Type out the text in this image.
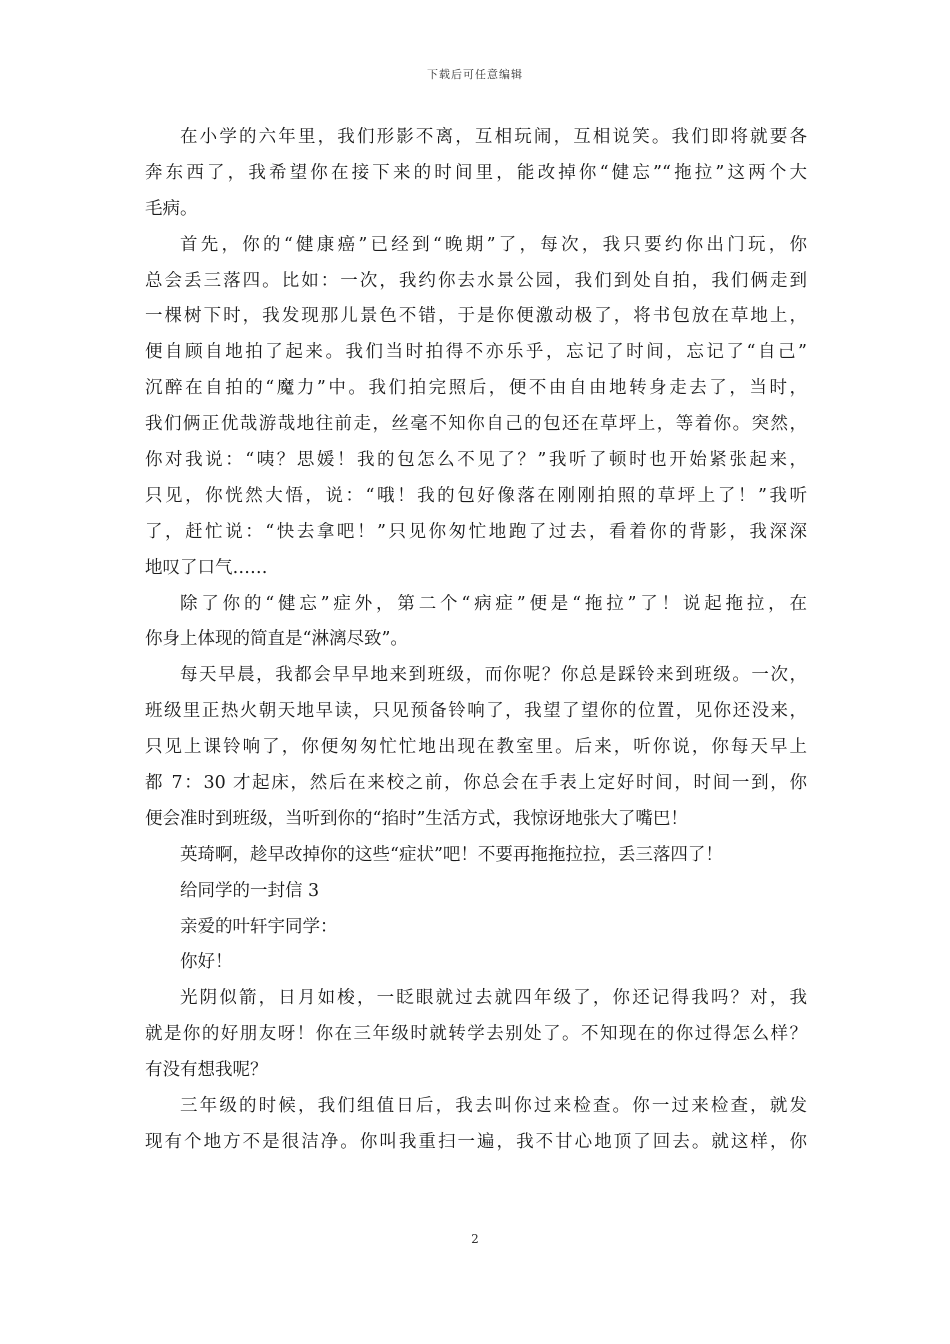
下载后可任意编辑
在小学的六年里，我们形影不离，互相玩闹，互相说笑。我们即将就要各
奔东西了，我希望你在接下来的时间里，能改掉你“健忘”“拖拉”这两个大
毛病。
首先，你的“健康癌”已经到“晚期”了，每次，我只要约你出门玩，你
总会丢三落四。比如：一次，我约你去水景公园，我们到处自拍，我们俩走到
一棵树下时，我发现那儿景色不错，于是你便激动极了，将书包放在草地上，
便自顾自地拍了起来。我们当时拍得不亦乐乎，忘记了时间，忘记了“自己”
沉醉在自拍的“魔力”中。我们拍完照后，便不由自由地转身走去了，当时，
我们俩正优哉游哉地往前走，丝毫不知你自己的包还在草坪上，等着你。突然，
你对我说：“咦？思媛！我的包怎么不见了？”我听了顿时也开始紧张起来，
只见，你恍然大悟，说：“哦！我的包好像落在刚刚拍照的草坪上了！”我听
了，赶忙说：“快去拿吧！”只见你匆忙地跑了过去，看着你的背影，我深深
地叹了口气……
除了你的“健忘”症外，第二个“病症”便是“拖拉”了！说起拖拉，在
你身上体现的简直是“淋漓尽致”。
每天早晨，我都会早早地来到班级，而你呢？你总是踩铃来到班级。一次，
班级里正热火朝天地早读，只见预备铃响了，我望了望你的位置，见你还没来，
只见上课铃响了，你便匆匆忙忙地出现在教室里。后来，听你说，你每天早上
都 7：30 才起床，然后在来校之前，你总会在手表上定好时间，时间一到，你
便会准时到班级，当听到你的“掐时”生活方式，我惊讶地张大了嘴巴！
英琦啊，趁早改掉你的这些“症状”吧！不要再拖拖拉拉，丢三落四了！
给同学的一封信 3
亲爱的叶轩宇同学：
你好！
光阴似箭，日月如梭，一眨眼就过去就四年级了，你还记得我吗？对，我
就是你的好朋友呀！你在三年级时就转学去别处了。不知现在的你过得怎么样？
有没有想我呢？
三年级的时候，我们组值日后，我去叫你过来检查。你一过来检查，就发
现有个地方不是很洁净。你叫我重扫一遍，我不甘心地顶了回去。就这样，你
2
